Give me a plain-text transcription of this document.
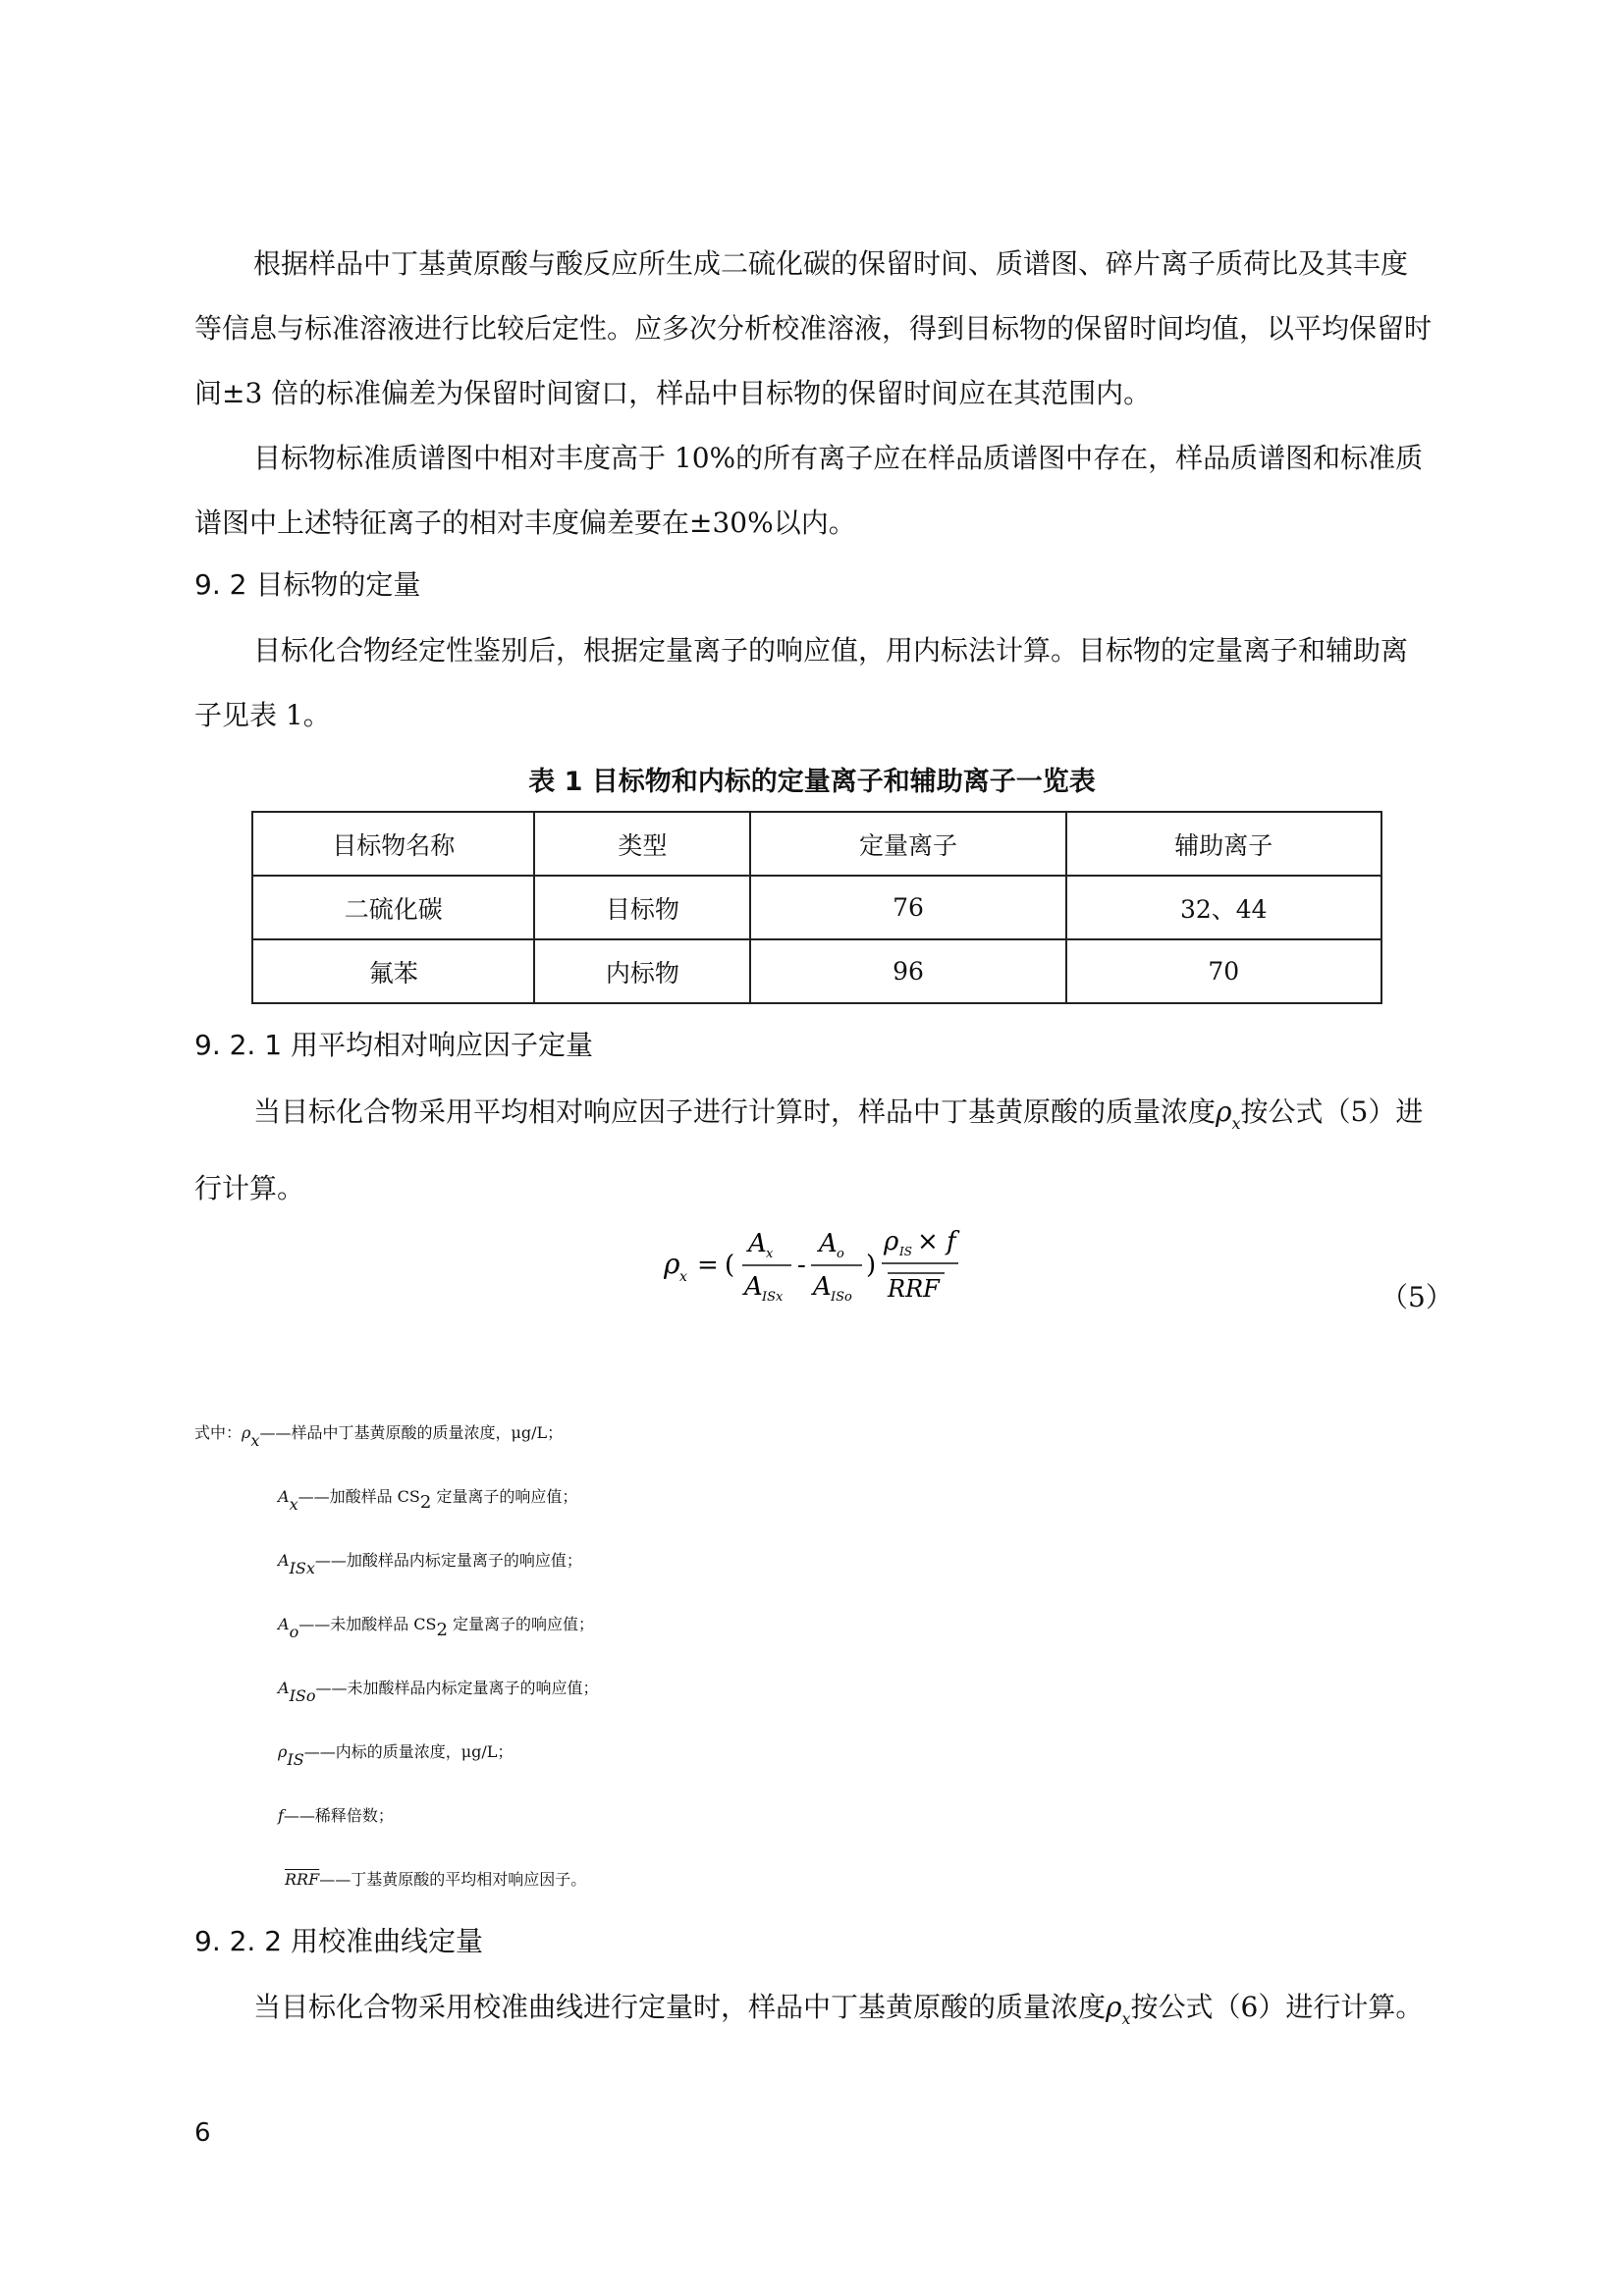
根据样品中丁基黄原酸与酸反应所生成二硫化碳的保留时间、质谱图、碎片离子质荷比及其丰度等信息与标准溶液进行比较后定性。应多次分析校准溶液，得到目标物的保留时间均值，以平均保留时间±3 倍的标准偏差为保留时间窗口，样品中目标物的保留时间应在其范围内。

目标物标准质谱图中相对丰度高于 10%的所有离子应在样品质谱图中存在，样品质谱图和标准质谱图中上述特征离子的相对丰度偏差要在±30%以内。

9. 2 目标物的定量

目标化合物经定性鉴别后，根据定量离子的响应值，用内标法计算。目标物的定量离子和辅助离子见表 1。

表 1 目标物和内标的定量离子和辅助离子一览表
目标物名称	类型	定量离子	辅助离子
二硫化碳	目标物	76	32、44
氟苯	内标物	96	70

9. 2. 1 用平均相对响应因子定量

当目标化合物采用平均相对响应因子进行计算时，样品中丁基黄原酸的质量浓度$\rho_x$按公式（5）进行计算。

ρ x = (
A x
A ISx
-
A o
A ISo
)
ρ IS × f
RRF	（5）
式中：ρx——样品中丁基黄原酸的质量浓度，μg/L；
Ax——加酸样品 CS2 定量离子的响应值；
AISx——加酸样品内标定量离子的响应值；
Ao——未加酸样品 CS2 定量离子的响应值；
AISo——未加酸样品内标定量离子的响应值；
ρIS——内标的质量浓度，μg/L；
f——稀释倍数；
$\overline{RRF}——$丁基黄原酸的平均相对响应因子。

9. 2. 2 用校准曲线定量

当目标化合物采用校准曲线进行定量时，样品中丁基黄原酸的质量浓度$\rho_x$按公式（6）进行计算。

6
